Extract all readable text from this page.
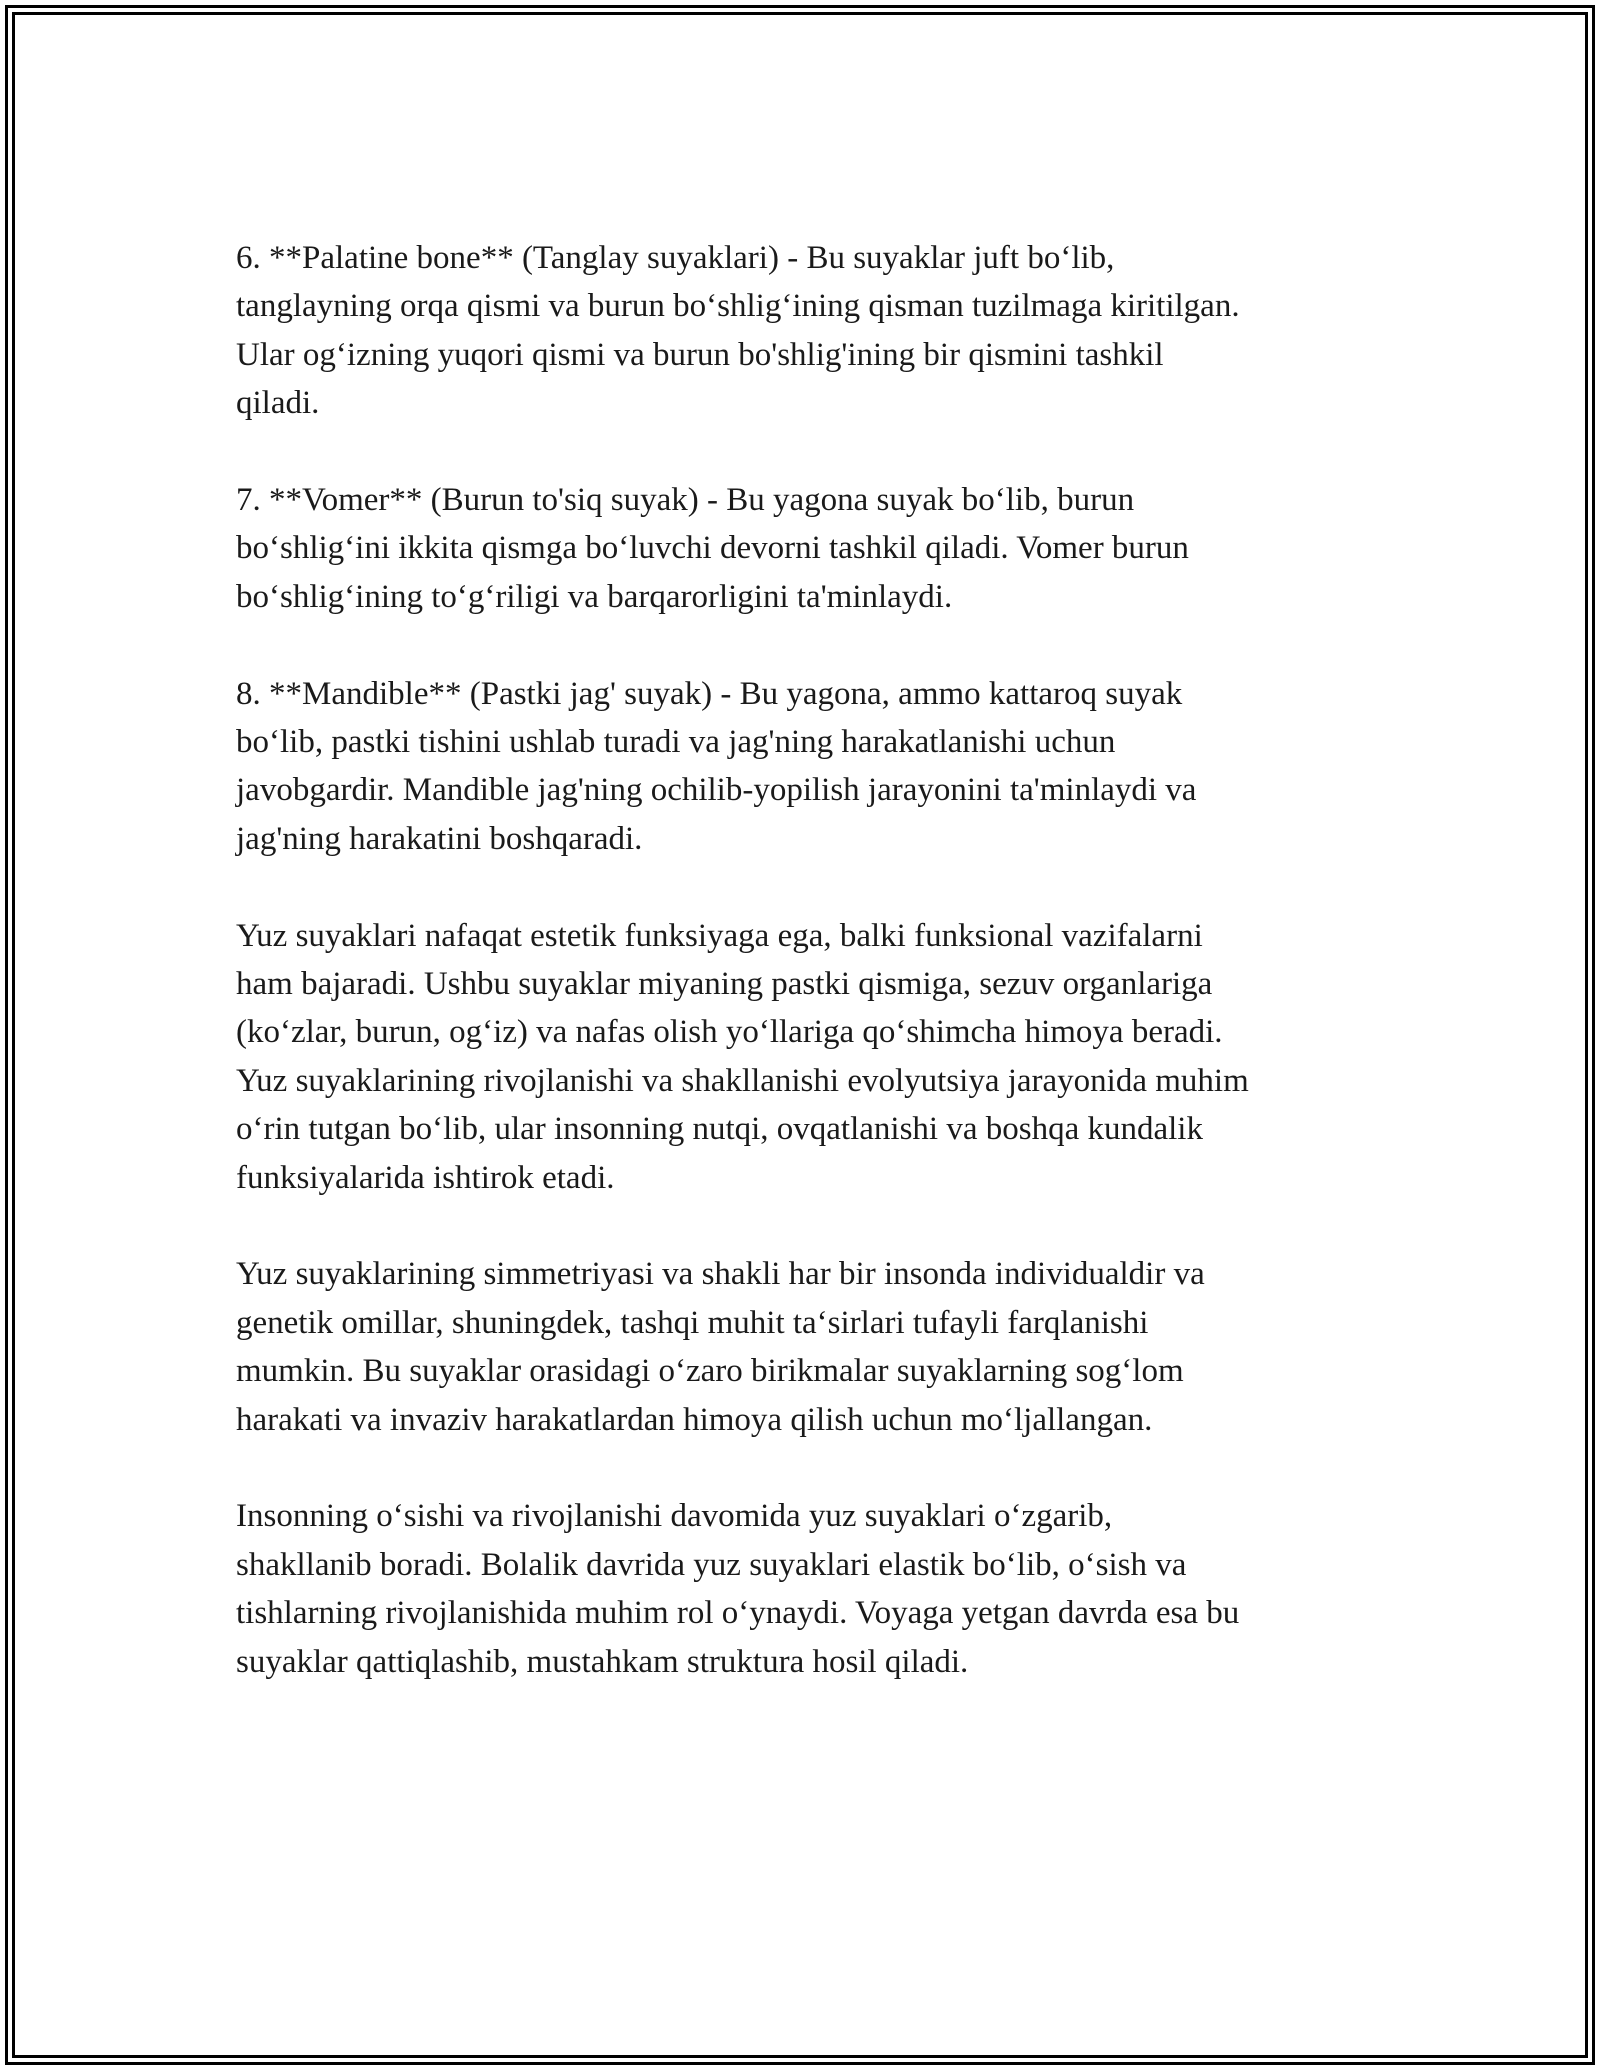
6. **Palatine bone** (Tanglay suyaklari) - Bu suyaklar juft bo‘lib,
tanglayning orqa qismi va burun bo‘shlig‘ining qisman tuzilmaga kiritilgan.
Ular og‘izning yuqori qismi va burun bo'shlig'ining bir qismini tashkil
qiladi.

7. **Vomer** (Burun to'siq suyak) - Bu yagona suyak bo‘lib, burun
bo‘shlig‘ini ikkita qismga bo‘luvchi devorni tashkil qiladi. Vomer burun
bo‘shlig‘ining to‘g‘riligi va barqarorligini ta'minlaydi.

8. **Mandible** (Pastki jag' suyak) - Bu yagona, ammo kattaroq suyak
bo‘lib, pastki tishini ushlab turadi va jag'ning harakatlanishi uchun
javobgardir. Mandible jag'ning ochilib-yopilish jarayonini ta'minlaydi va
jag'ning harakatini boshqaradi.

Yuz suyaklari nafaqat estetik funksiyaga ega, balki funksional vazifalarni
ham bajaradi. Ushbu suyaklar miyaning pastki qismiga, sezuv organlariga
(ko‘zlar, burun, og‘iz) va nafas olish yo‘llariga qo‘shimcha himoya beradi.
Yuz suyaklarining rivojlanishi va shakllanishi evolyutsiya jarayonida muhim
o‘rin tutgan bo‘lib, ular insonning nutqi, ovqatlanishi va boshqa kundalik
funksiyalarida ishtirok etadi.

Yuz suyaklarining simmetriyasi va shakli har bir insonda individualdir va
genetik omillar, shuningdek, tashqi muhit ta‘sirlari tufayli farqlanishi
mumkin. Bu suyaklar orasidagi o‘zaro birikmalar suyaklarning sog‘lom
harakati va invaziv harakatlardan himoya qilish uchun mo‘ljallangan.

Insonning o‘sishi va rivojlanishi davomida yuz suyaklari o‘zgarib,
shakllanib boradi. Bolalik davrida yuz suyaklari elastik bo‘lib, o‘sish va
tishlarning rivojlanishida muhim rol o‘ynaydi. Voyaga yetgan davrda esa bu
suyaklar qattiqlashib, mustahkam struktura hosil qiladi.
